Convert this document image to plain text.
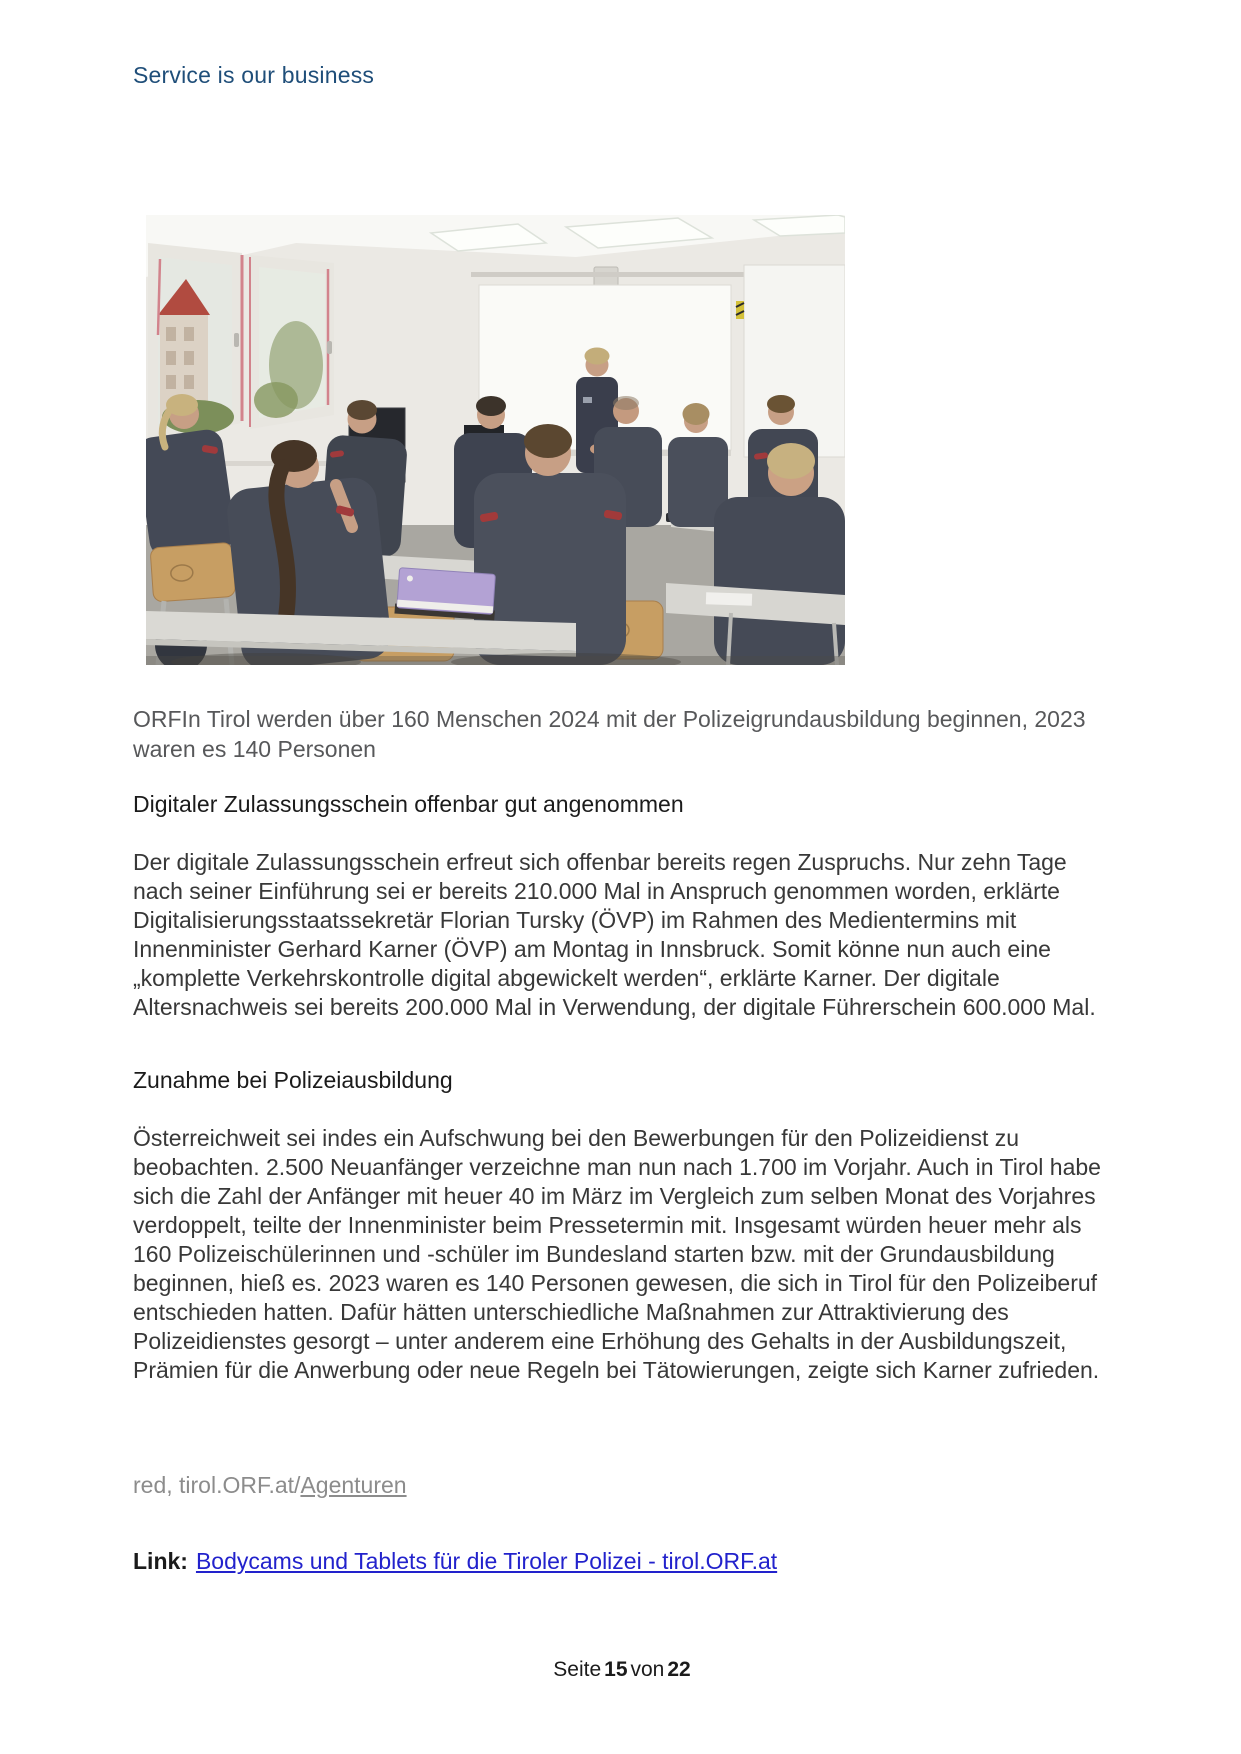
Service is our business
ORFIn Tirol werden über 160 Menschen 2024 mit der Polizeigrundausbildung beginnen, 2023 waren es 140 Personen
Digitaler Zulassungsschein offenbar gut angenommen
Der digitale Zulassungsschein erfreut sich offenbar bereits regen Zuspruchs. Nur zehn Tage nach seiner Einführung sei er bereits 210.000 Mal in Anspruch genommen worden, erklärte Digitalisierungsstaatssekretär Florian Tursky (ÖVP) im Rahmen des Medientermins mit Innenminister Gerhard Karner (ÖVP) am Montag in Innsbruck. Somit könne nun auch eine „komplette Verkehrskontrolle digital abgewickelt werden“, erklärte Karner. Der digitale Altersnachweis sei bereits 200.000 Mal in Verwendung, der digitale Führerschein 600.000 Mal.
Zunahme bei Polizeiausbildung
Österreichweit sei indes ein Aufschwung bei den Bewerbungen für den Polizeidienst zu beobachten. 2.500 Neuanfänger verzeichne man nun nach 1.700 im Vorjahr. Auch in Tirol habe sich die Zahl der Anfänger mit heuer 40 im März im Vergleich zum selben Monat des Vorjahres verdoppelt, teilte der Innenminister beim Pressetermin mit. Insgesamt würden heuer mehr als 160 Polizeischülerinnen und -schüler im Bundesland starten bzw. mit der Grundausbildung beginnen, hieß es. 2023 waren es 140 Personen gewesen, die sich in Tirol für den Polizeiberuf entschieden hatten. Dafür hätten unterschiedliche Maßnahmen zur Attraktivierung des Polizeidienstes gesorgt – unter anderem eine Erhöhung des Gehalts in der Ausbildungszeit, Prämien für die Anwerbung oder neue Regeln bei Tätowierungen, zeigte sich Karner zufrieden.
red, tirol.ORF.at/Agenturen
Link: Bodycams und Tablets für die Tiroler Polizei - tirol.ORF.at
Seite 15 von 22
